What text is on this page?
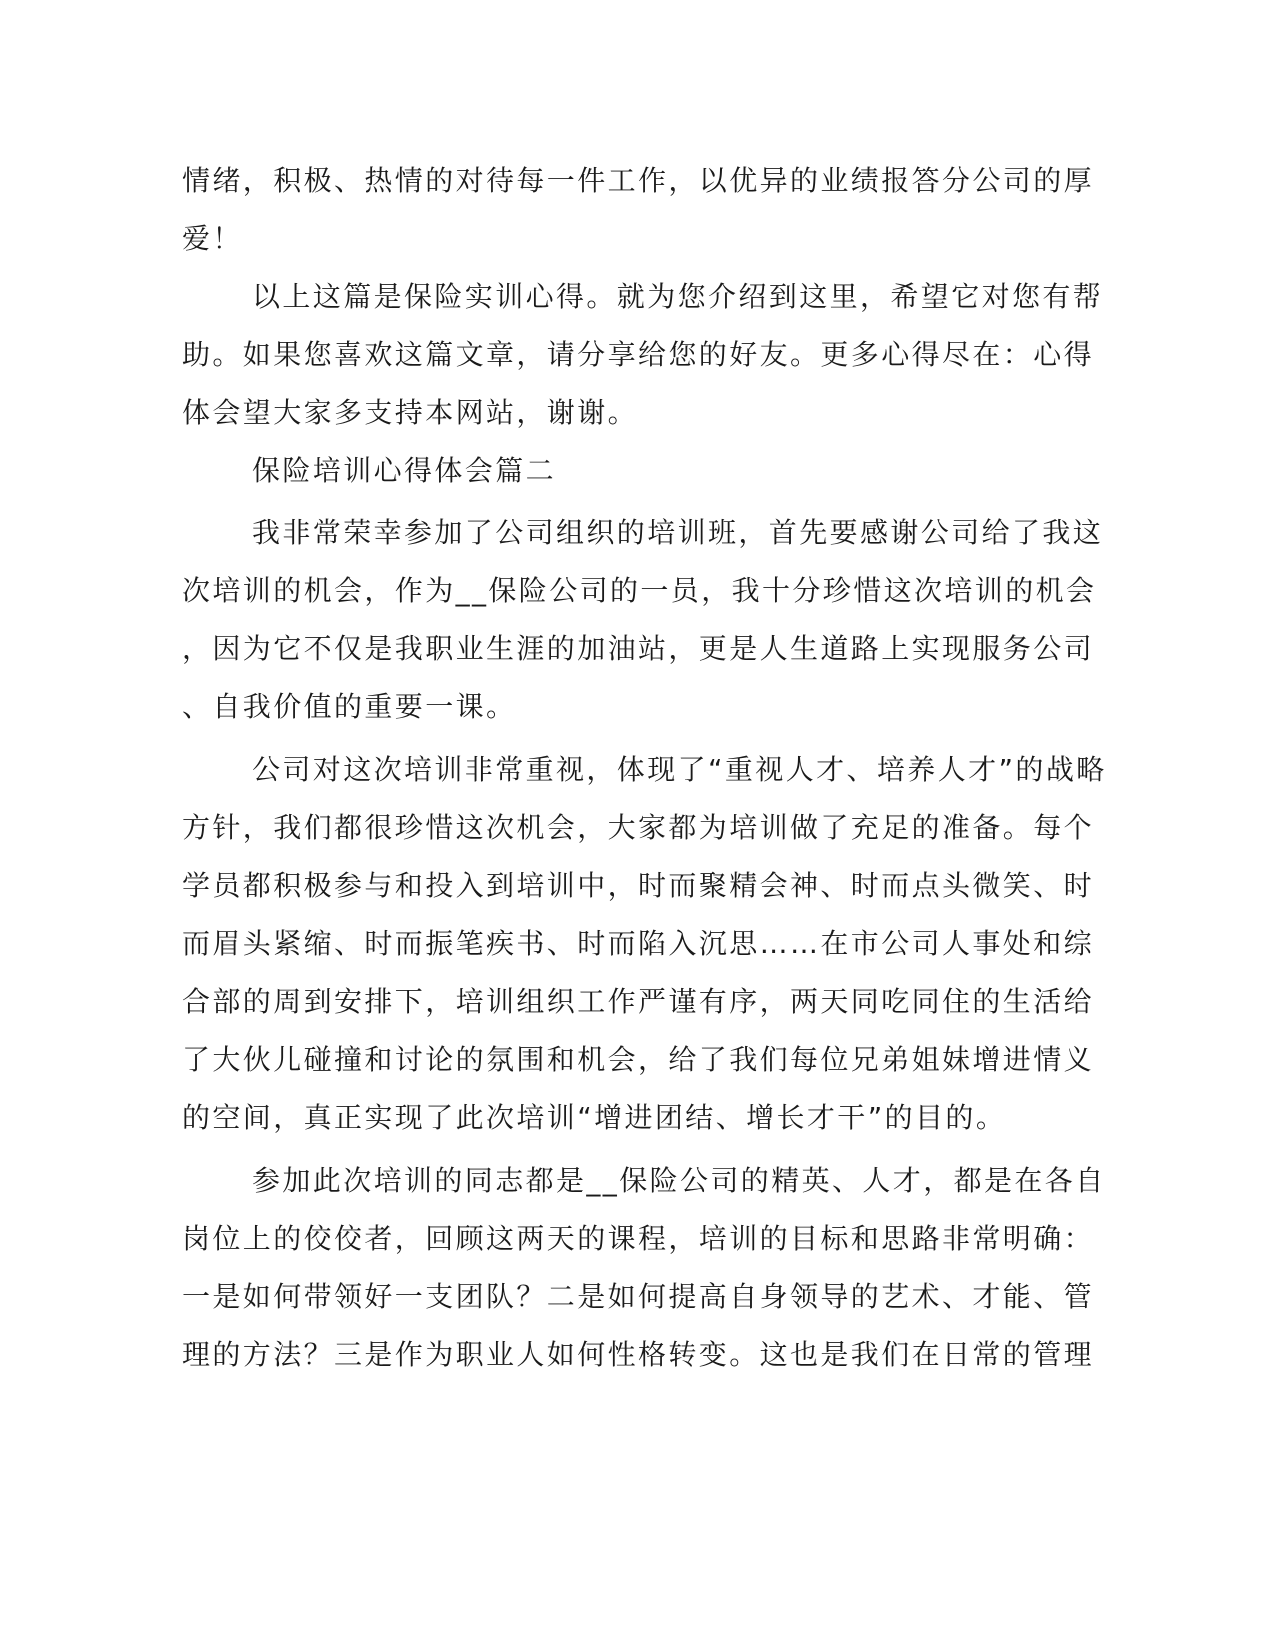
情绪，积极、热情的对待每一件工作，以优异的业绩报答分公司的厚
爱！
以上这篇是保险实训心得。就为您介绍到这里，希望它对您有帮
助。如果您喜欢这篇文章，请分享给您的好友。更多心得尽在：心得
体会望大家多支持本网站，谢谢。
保险培训心得体会篇二
我非常荣幸参加了公司组织的培训班，首先要感谢公司给了我这
次培训的机会，作为__保险公司的一员，我十分珍惜这次培训的机会
，因为它不仅是我职业生涯的加油站，更是人生道路上实现服务公司
、自我价值的重要一课。
公司对这次培训非常重视，体现了“重视人才、培养人才”的战略
方针，我们都很珍惜这次机会，大家都为培训做了充足的准备。每个
学员都积极参与和投入到培训中，时而聚精会神、时而点头微笑、时
而眉头紧缩、时而振笔疾书、时而陷入沉思……在市公司人事处和综
合部的周到安排下，培训组织工作严谨有序，两天同吃同住的生活给
了大伙儿碰撞和讨论的氛围和机会，给了我们每位兄弟姐妹增进情义
的空间，真正实现了此次培训“增进团结、增长才干”的目的。
参加此次培训的同志都是__保险公司的精英、人才，都是在各自
岗位上的佼佼者，回顾这两天的课程，培训的目标和思路非常明确：
一是如何带领好一支团队？二是如何提高自身领导的艺术、才能、管
理的方法？三是作为职业人如何性格转变。这也是我们在日常的管理
